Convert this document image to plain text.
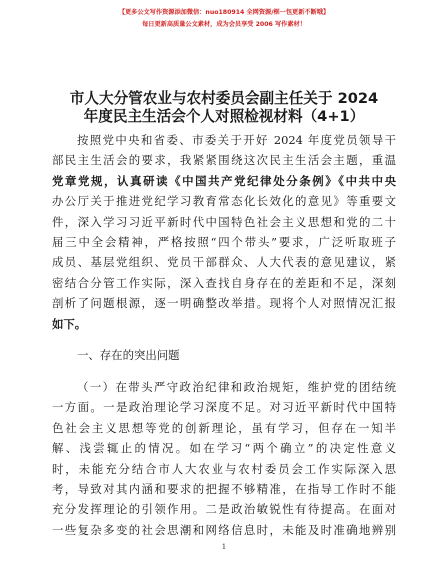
【更多公文写作资源添加微信：nuo180914 全网资源/框一包更新不断哦】
每日更新高质量公文素材，成为会员享受 2006 写作素材！
市人大分管农业与农村委员会副主任关于 2024
年度民主生活会个人对照检视材料（4+1）
按照党中央和省委、市委关于开好 2024 年度党员领导干
部民主生活会的要求，我紧紧围绕这次民主生活会主题，重温
党章党规，认真研读《中国共产党纪律处分条例》《中共中央
办公厅关于推进党纪学习教育常态化长效化的意见》等重要文
件，深入学习习近平新时代中国特色社会主义思想和党的二十
届三中全会精神，严格按照“四个带头”要求，广泛听取班子
成员、基层党组织、党员干部群众、人大代表的意见建议，紧
密结合分管工作实际，深入查找自身存在的差距和不足，深刻
剖析了问题根源，逐一明确整改举措。现将个人对照情况汇报
如下。
一、存在的突出问题
（一）在带头严守政治纪律和政治规矩，维护党的团结统
一方面。一是政治理论学习深度不足。对习近平新时代中国特
色社会主义思想等党的创新理论，虽有学习，但存在一知半
解、浅尝辄止的情况。如在学习“两个确立”的决定性意义
时，未能充分结合市人大农业与农村委员会工作实际深入思
考，导致对其内涵和要求的把握不够精准，在指导工作时不能
充分发挥理论的引领作用。二是政治敏锐性有待提高。在面对
一些复杂多变的社会思潮和网络信息时，未能及时准确地辨别
1
